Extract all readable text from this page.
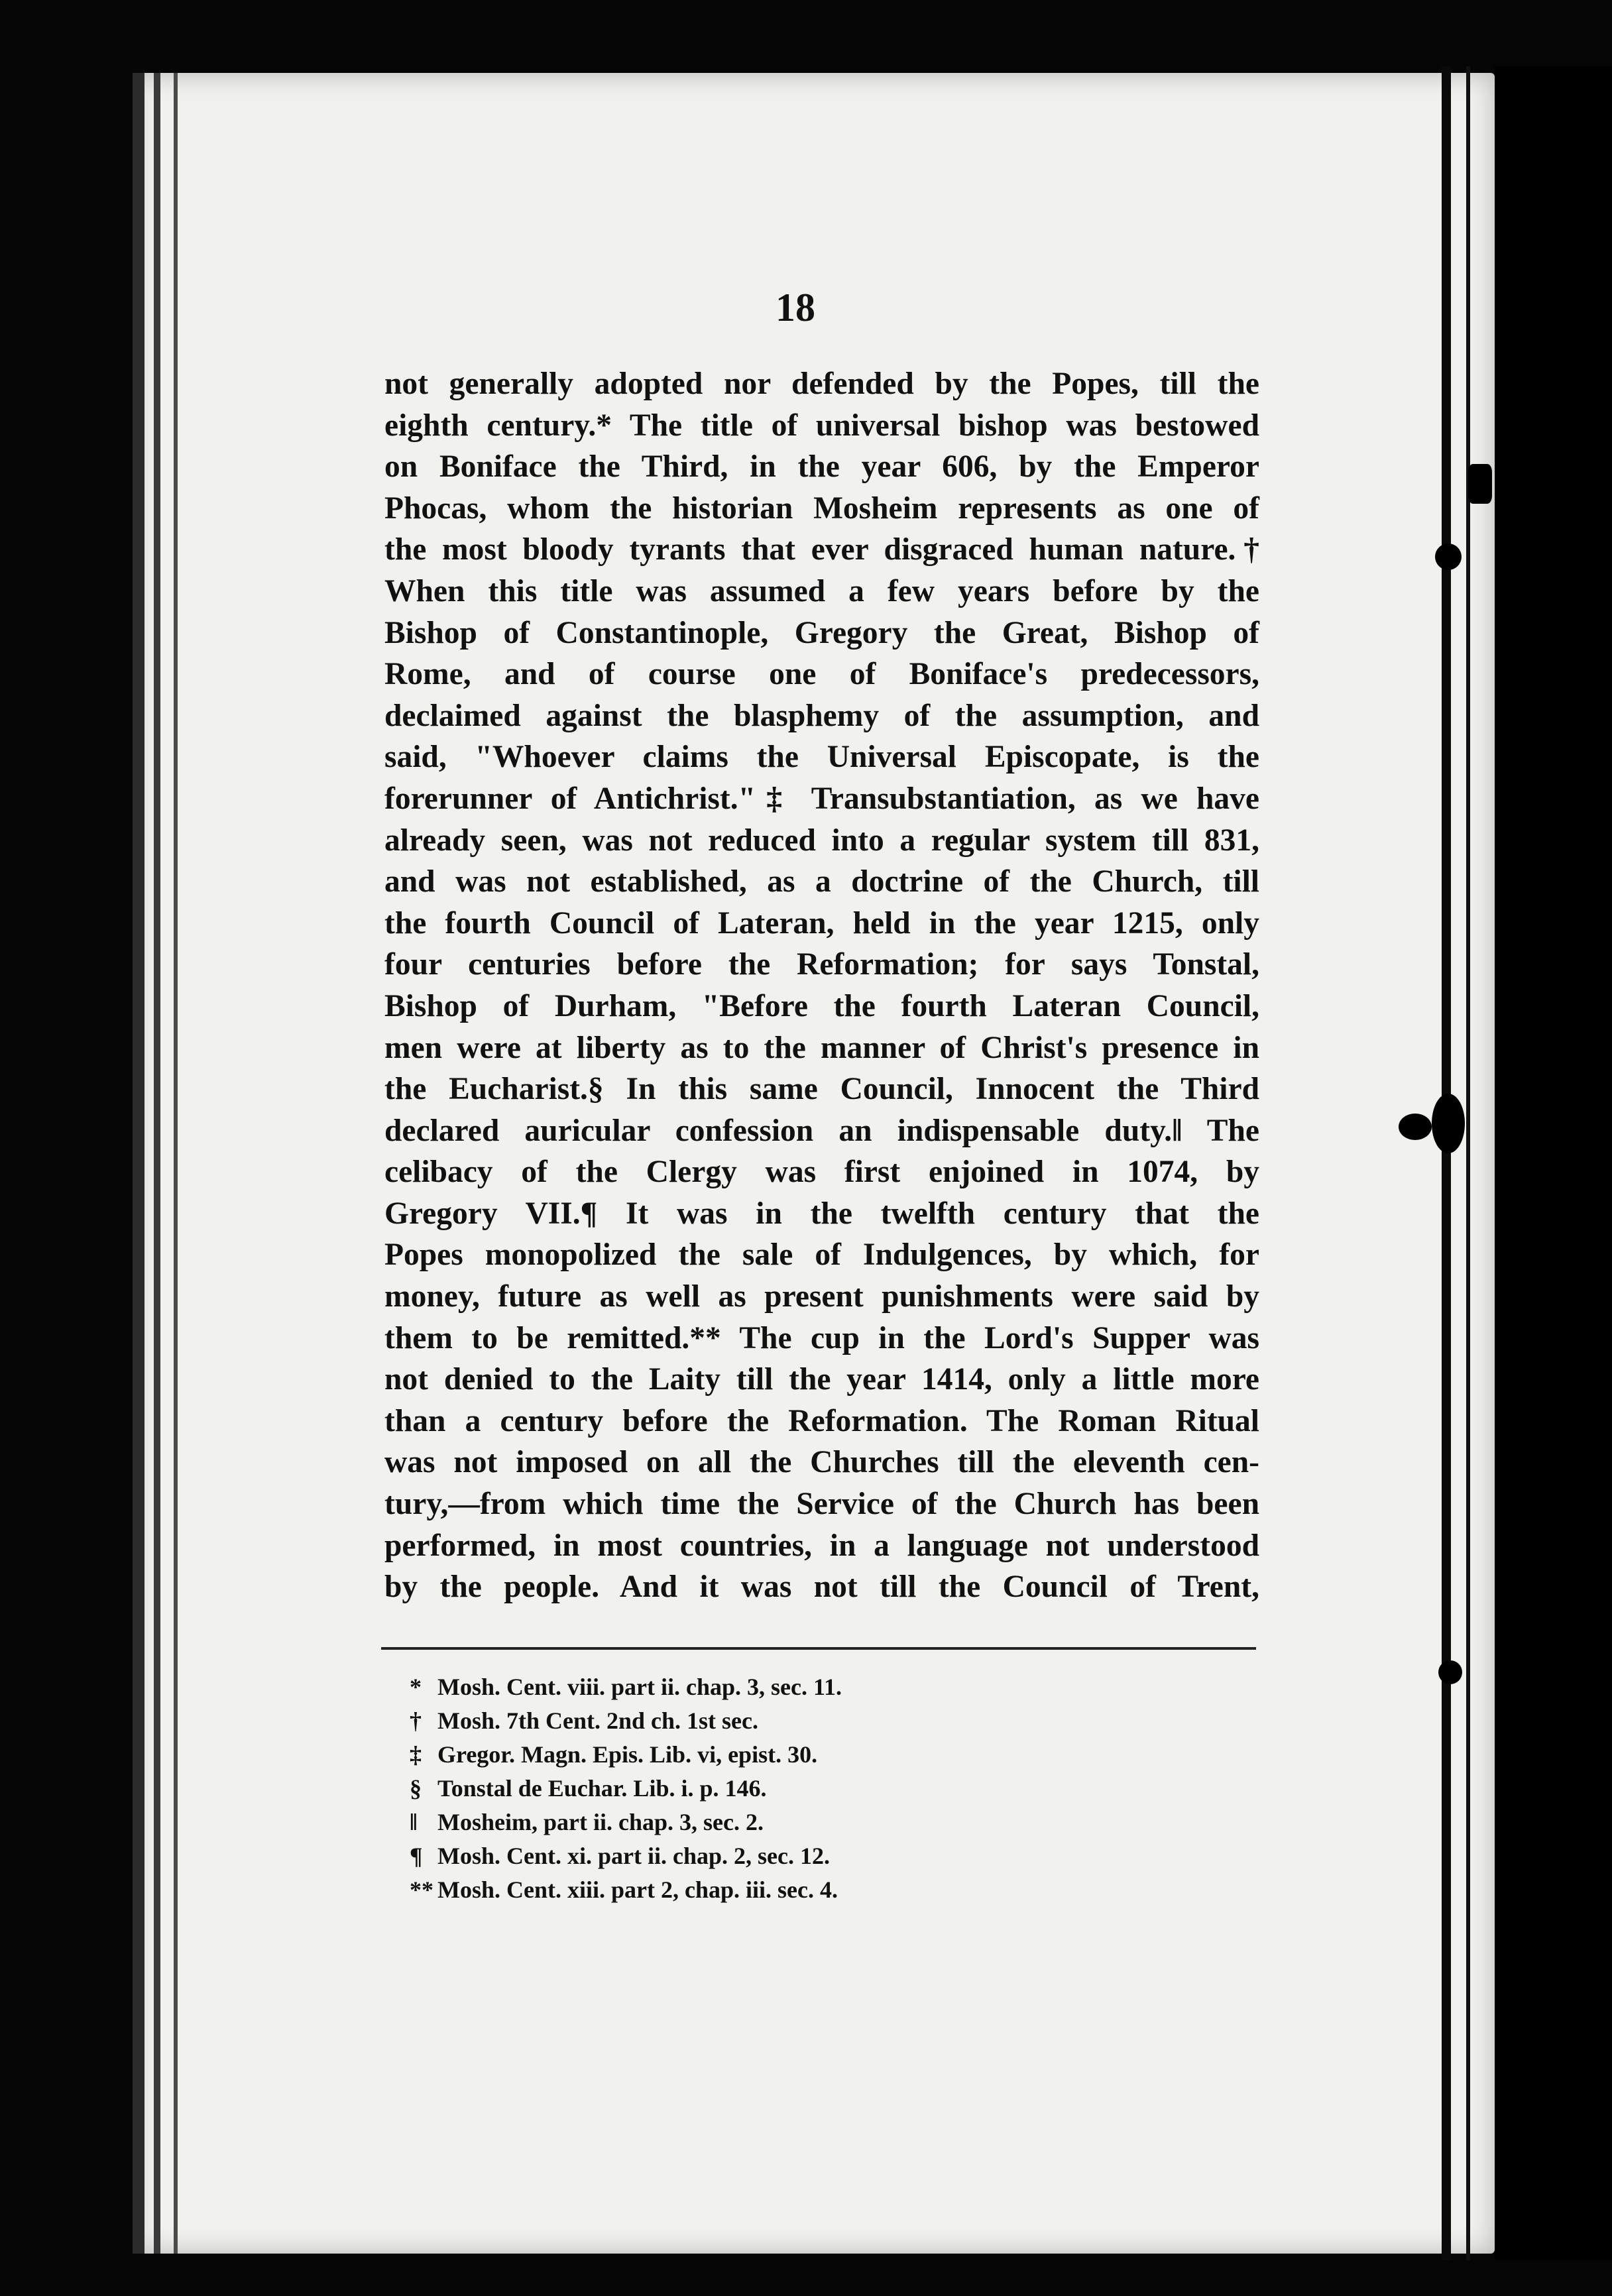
18
not generally adopted nor defended by the Popes, till the
eighth century.* The title of universal bishop was bestowed
on Boniface the Third, in the year 606, by the Emperor
Phocas, whom the historian Mosheim represents as one of
the most bloody tyrants that ever disgraced human nature.†
When this title was assumed a few years before by the
Bishop of Constantinople, Gregory the Great, Bishop of
Rome, and of course one of Boniface's predecessors,
declaimed against the blasphemy of the assumption, and
said, "Whoever claims the Universal Episcopate, is the
forerunner of Antichrist."‡ Transubstantiation, as we have
already seen, was not reduced into a regular system till 831,
and was not established, as a doctrine of the Church, till
the fourth Council of Lateran, held in the year 1215, only
four centuries before the Reformation; for says Tonstal,
Bishop of Durham, "Before the fourth Lateran Council,
men were at liberty as to the manner of Christ's presence in
the Eucharist.§ In this same Council, Innocent the Third
declared auricular confession an indispensable duty.‖ The
celibacy of the Clergy was first enjoined in 1074, by
Gregory VII.¶ It was in the twelfth century that the
Popes monopolized the sale of Indulgences, by which, for
money, future as well as present punishments were said by
them to be remitted.** The cup in the Lord's Supper was
not denied to the Laity till the year 1414, only a little more
than a century before the Reformation. The Roman Ritual
was not imposed on all the Churches till the eleventh cen-
tury,—from which time the Service of the Church has been
performed, in most countries, in a language not understood
by the people. And it was not till the Council of Trent,
* Mosh. Cent. viii. part ii. chap. 3, sec. 11.
† Mosh. 7th Cent. 2nd ch. 1st sec.
‡ Gregor. Magn. Epis. Lib. vi, epist. 30.
§ Tonstal de Euchar. Lib. i. p. 146.
‖ Mosheim, part ii. chap. 3, sec. 2.
¶ Mosh. Cent. xi. part ii. chap. 2, sec. 12.
** Mosh. Cent. xiii. part 2, chap. iii. sec. 4.
